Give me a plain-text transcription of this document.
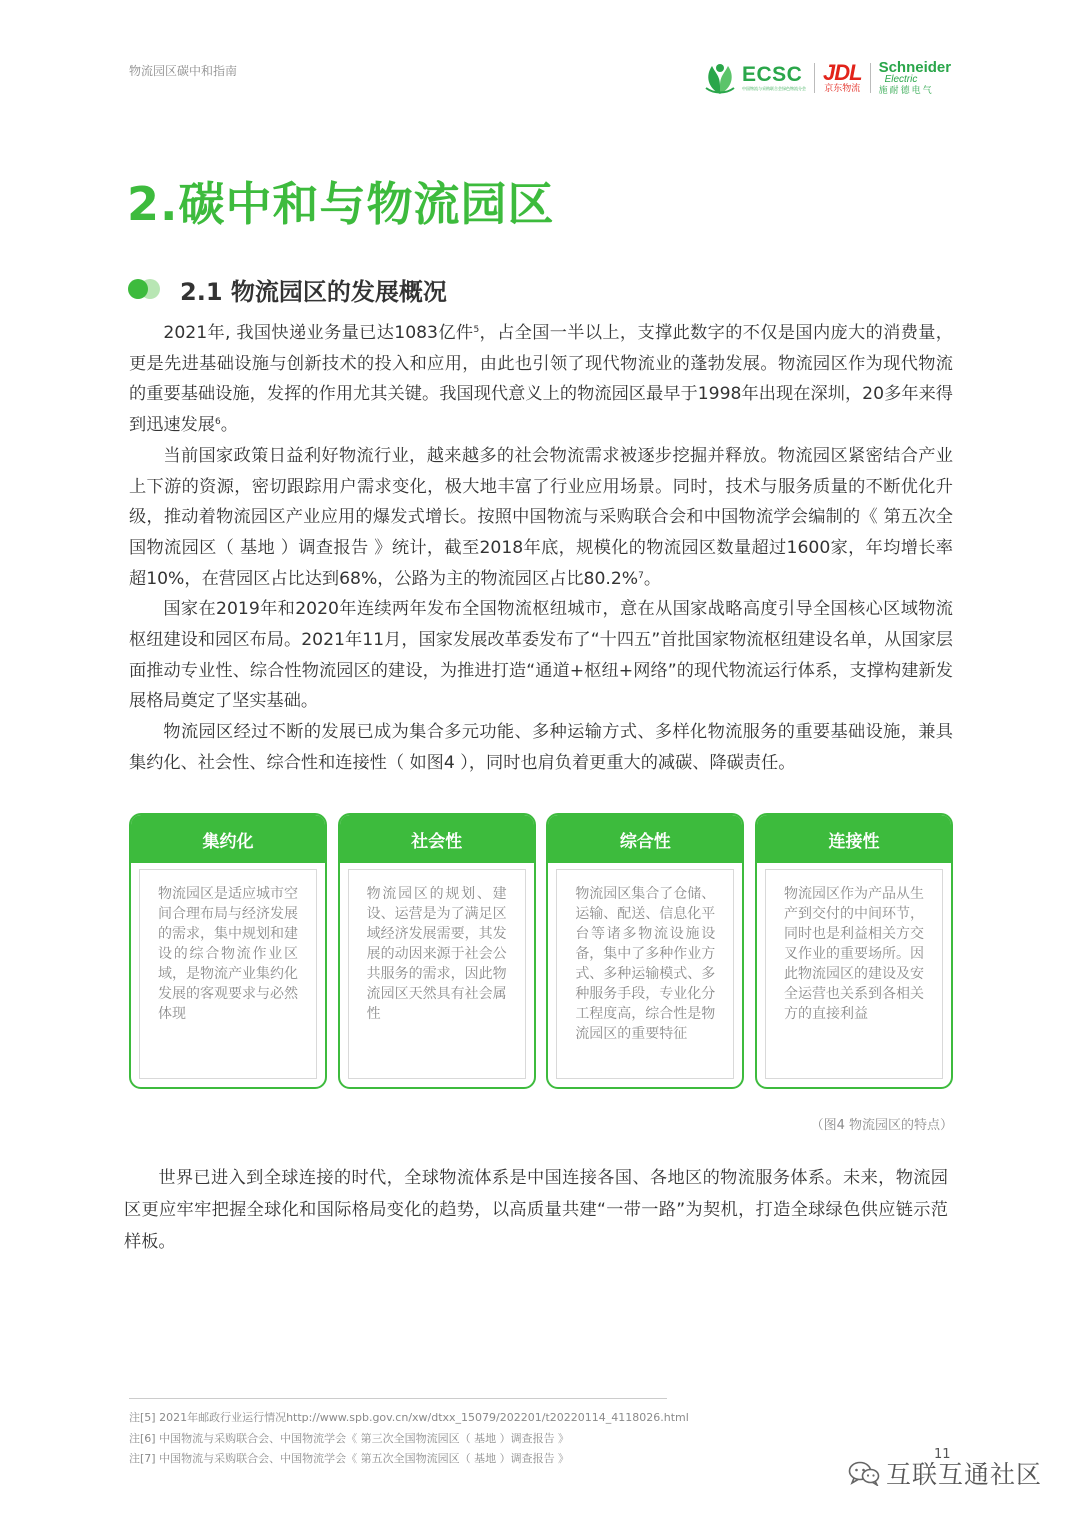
物流园区碳中和指南	ECSC
中国物流与采购联合会绿色物流分会
JDL
京东物流
Schneider
Electric
施耐德电气
2.碳中和与物流园区
2.1 物流园区的发展概况

2021年, 我国快递业务量已达1083亿件$^5$，占全国一半以上，支撑此数字的不仅是国内庞大的消费量，更是先进基础设施与创新技术的投入和应用，由此也引领了现代物流业的蓬勃发展。物流园区作为现代物流的重要基础设施，发挥的作用尤其关键。我国现代意义上的物流园区最早于1998年出现在深圳，20多年来得到迅速发展$^6$。

当前国家政策日益利好物流行业，越来越多的社会物流需求被逐步挖掘并释放。物流园区紧密结合产业上下游的资源，密切跟踪用户需求变化，极大地丰富了行业应用场景。同时，技术与服务质量的不断优化升级，推动着物流园区产业应用的爆发式增长。按照中国物流与采购联合会和中国物流学会编制的《 第五次全国物流园区（ 基地 ）调查报告 》统计，截至2018年底，规模化的物流园区数量超过1600家，年均增长率超10%，在营园区占比达到68%，公路为主的物流园区占比80.2%$^7$。

国家在2019年和2020年连续两年发布全国物流枢纽城市，意在从国家战略高度引导全国核心区域物流枢纽建设和园区布局。2021年11月，国家发展改革委发布了“十四五”首批国家物流枢纽建设名单，从国家层面推动专业性、综合性物流园区的建设，为推进打造“通道+枢纽+网络”的现代物流运行体系，支撑构建新发展格局奠定了坚实基础。

物流园区经过不断的发展已成为集合多元功能、多种运输方式、多样化物流服务的重要基础设施，兼具集约化、社会性、综合性和连接性（ 如图4 ），同时也肩负着更重大的减碳、降碳责任。

集约化
物流园区是适应城市空间合理布局与经济发展的需求，集中规划和建设的综合物流作业区域，是物流产业集约化发展的客观要求与必然体现
社会性
物流园区的规划、建设、运营是为了满足区域经济发展需要，其发展的动因来源于社会公共服务的需求，因此物流园区天然具有社会属性
综合性
物流园区集合了仓储、运输、配送、信息化平台等诸多物流设施设备，集中了多种作业方式、多种运输模式、多种服务手段，专业化分工程度高，综合性是物流园区的重要特征
连接性
物流园区作为产品从生产到交付的中间环节，同时也是利益相关方交叉作业的重要场所。因此物流园区的建设及安全运营也关系到各相关方的直接利益
（图4 物流园区的特点）

世界已进入到全球连接的时代，全球物流体系是中国连接各国、各地区的物流服务体系。未来，物流园区更应牢牢把握全球化和国际格局变化的趋势，以高质量共建“一带一路”为契机，打造全球绿色供应链示范样板。

注[5] 2021年邮政行业运行情况http://www.spb.gov.cn/xw/dtxx_15079/202201/t20220114_4118026.html
注[6] 中国物流与采购联合会、中国物流学会《 第三次全国物流园区（ 基地 ）调查报告 》
注[7] 中国物流与采购联合会、中国物流学会《 第五次全国物流园区（ 基地 ）调查报告 》	11
互联互通社区
